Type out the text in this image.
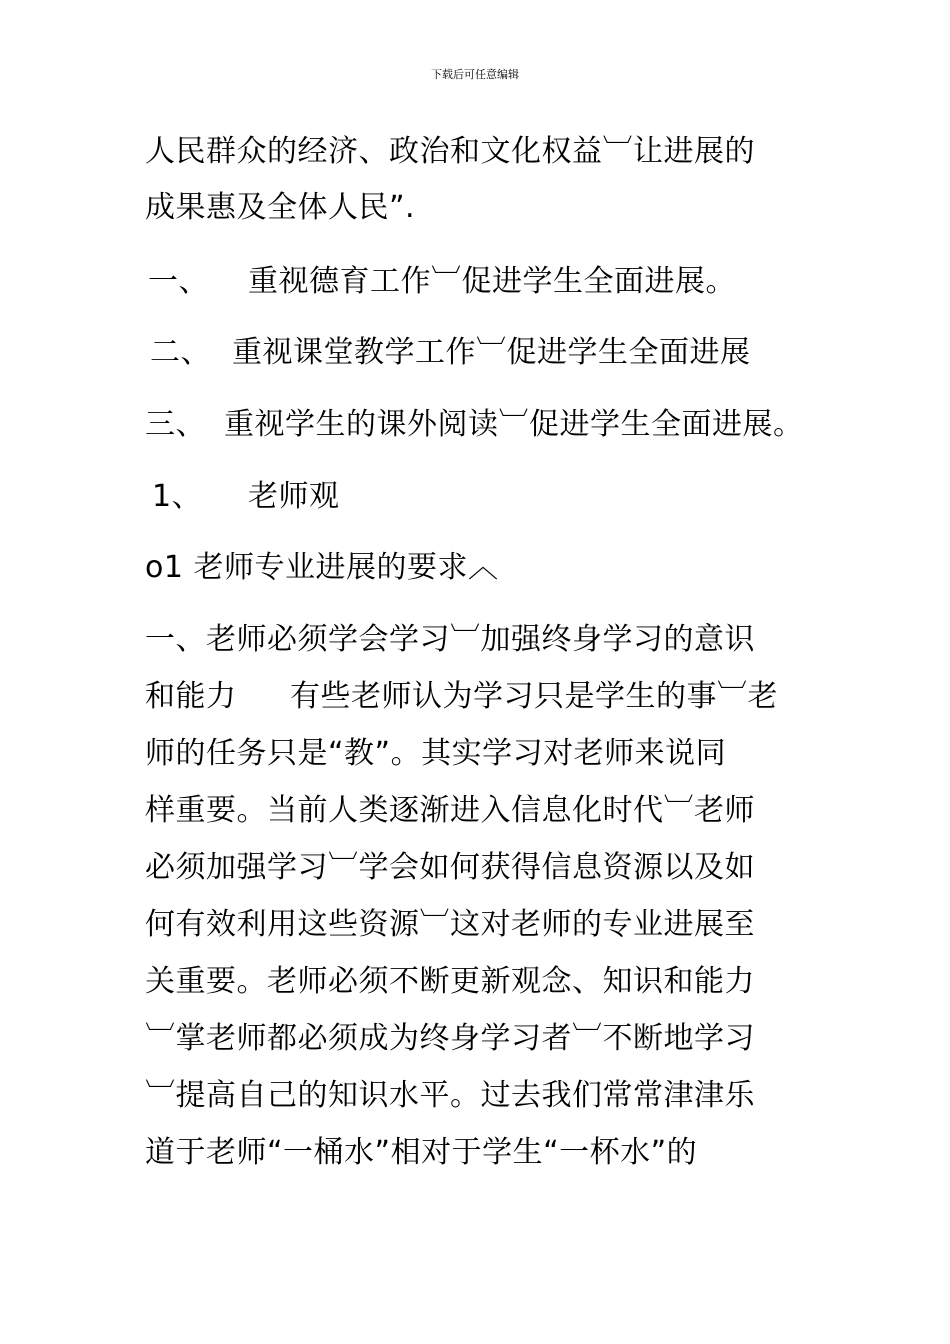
下载后可任意编辑
人民群众的经济、政治和文化权益︺让进展的
成果惠及全体人民”.
一、 重视德育工作︺促进学生全面进展。
二、 重视课堂教学工作︺促进学生全面进展
三、 重视学生的课外阅读︺促进学生全面进展。
1、 老师观
o1 老师专业进展的要求︿
一、老师必须学会学习︺加强终身学习的意识
和能力 有些老师认为学习只是学生的事︺老
师的任务只是“教”。其实学习对老师来说同
样重要。当前人类逐渐进入信息化时代︺老师
必须加强学习︺学会如何获得信息资源以及如
何有效利用这些资源︺这对老师的专业进展至
关重要。老师必须不断更新观念、知识和能力
︺掌老师都必须成为终身学习者︺不断地学习
︺提高自己的知识水平。过去我们常常津津乐
道于老师“一桶水”相对于学生“一杯水”的
